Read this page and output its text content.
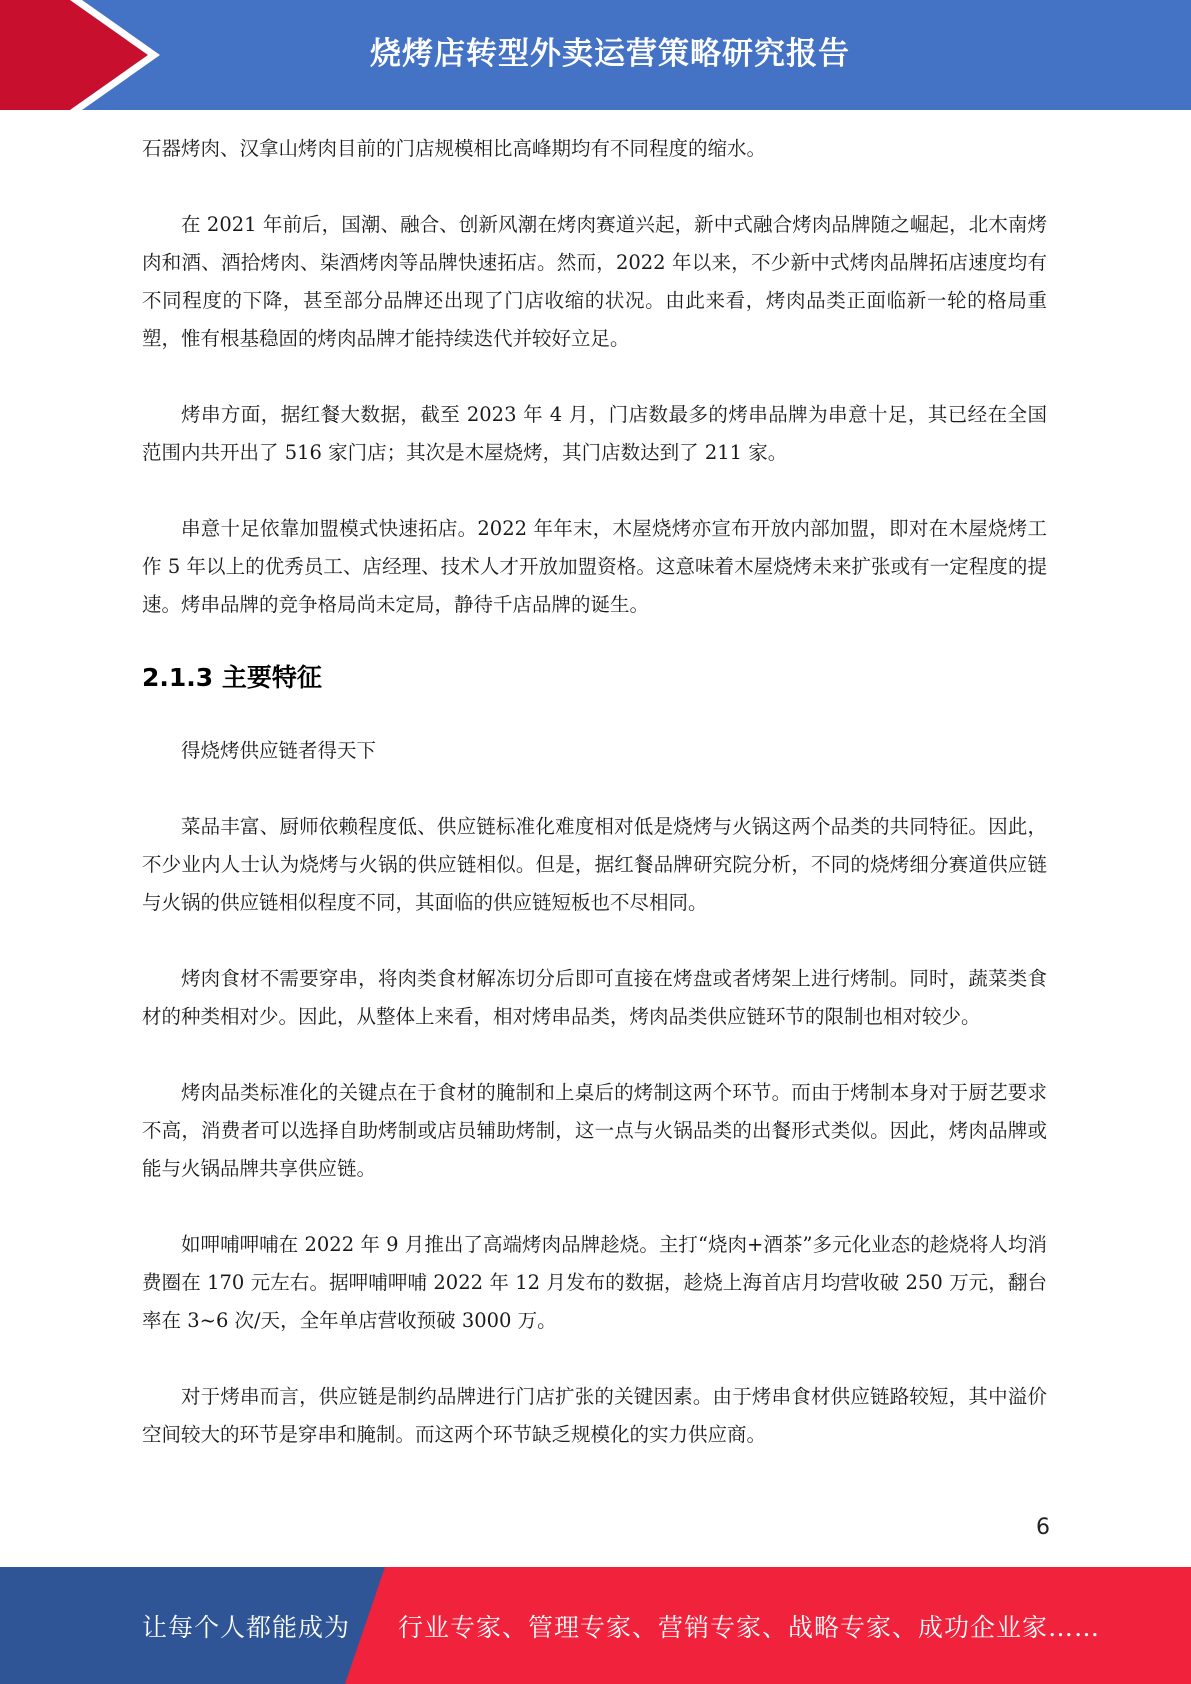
烧烤店转型外卖运营策略研究报告

石器烤肉、汉拿山烤肉目前的门店规模相比高峰期均有不同程度的缩水。

在 2021 年前后，国潮、融合、创新风潮在烤肉赛道兴起，新中式融合烤肉品牌随之崛起，北木南烤肉和酒、酒拾烤肉、柒酒烤肉等品牌快速拓店。然而，2022 年以来，不少新中式烤肉品牌拓店速度均有不同程度的下降，甚至部分品牌还出现了门店收缩的状况。由此来看，烤肉品类正面临新一轮的格局重塑，惟有根基稳固的烤肉品牌才能持续迭代并较好立足。

烤串方面，据红餐大数据，截至 2023 年 4 月，门店数最多的烤串品牌为串意十足，其已经在全国范围内共开出了 516 家门店；其次是木屋烧烤，其门店数达到了 211 家。

串意十足依靠加盟模式快速拓店。2022 年年末，木屋烧烤亦宣布开放内部加盟，即对在木屋烧烤工作 5 年以上的优秀员工、店经理、技术人才开放加盟资格。这意味着木屋烧烤未来扩张或有一定程度的提速。烤串品牌的竞争格局尚未定局，静待千店品牌的诞生。

2.1.3 主要特征

得烧烤供应链者得天下

菜品丰富、厨师依赖程度低、供应链标准化难度相对低是烧烤与火锅这两个品类的共同特征。因此，不少业内人士认为烧烤与火锅的供应链相似。但是，据红餐品牌研究院分析，不同的烧烤细分赛道供应链与火锅的供应链相似程度不同，其面临的供应链短板也不尽相同。

烤肉食材不需要穿串，将肉类食材解冻切分后即可直接在烤盘或者烤架上进行烤制。同时，蔬菜类食材的种类相对少。因此，从整体上来看，相对烤串品类，烤肉品类供应链环节的限制也相对较少。

烤肉品类标准化的关键点在于食材的腌制和上桌后的烤制这两个环节。而由于烤制本身对于厨艺要求不高，消费者可以选择自助烤制或店员辅助烤制，这一点与火锅品类的出餐形式类似。因此，烤肉品牌或能与火锅品牌共享供应链。

如呷哺呷哺在 2022 年 9 月推出了高端烤肉品牌趁烧。主打“烧肉+酒茶”多元化业态的趁烧将人均消费圈在 170 元左右。据呷哺呷哺 2022 年 12 月发布的数据，趁烧上海首店月均营收破 250 万元，翻台率在 3~6 次/天，全年单店营收预破 3000 万。

对于烤串而言，供应链是制约品牌进行门店扩张的关键因素。由于烤串食材供应链路较短，其中溢价空间较大的环节是穿串和腌制。而这两个环节缺乏规模化的实力供应商。

6
让每个人都能成为 行业专家、管理专家、营销专家、战略专家、成功企业家……
